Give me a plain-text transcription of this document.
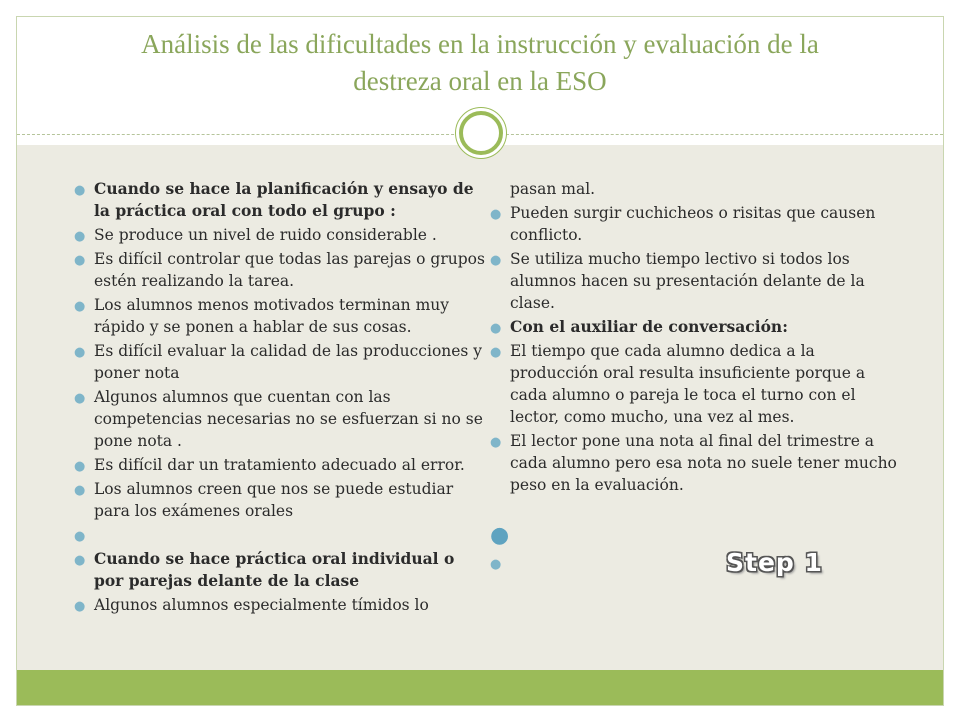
Análisis de las dificultades en la instrucción y evaluación de la
destreza oral en la ESO
● Cuando se hace la planificación y ensayo de la práctica oral con todo el grupo :
● Se produce un nivel de ruido considerable .
● Es difícil controlar que todas las parejas o grupos estén realizando la tarea.
● Los alumnos menos motivados terminan muy rápido y se ponen a hablar de sus cosas.
● Es difícil evaluar la calidad de las producciones y poner nota
● Algunos alumnos que cuentan con las competencias necesarias no se esfuerzan si no se pone nota .
● Es difícil dar un tratamiento adecuado al error.
● Los alumnos creen que nos se puede estudiar para los exámenes orales
●
● Cuando se hace práctica oral individual o por parejas delante de la clase
● Algunos alumnos especialmente tímidos lo
pasan mal.
● Pueden surgir cuchicheos o risitas que causen conflicto.
● Se utiliza mucho tiempo lectivo si todos los alumnos hacen su presentación delante de la clase.
● Con el auxiliar de conversación:
● El tiempo que cada alumno dedica a la producción oral resulta insuficiente porque a cada alumno o pareja le toca el turno con el lector, como mucho, una vez al mes.
● El lector pone una nota al final del trimestre a cada alumno pero esa nota no suele tener mucho peso en la evaluación.
●
●	Step 1
